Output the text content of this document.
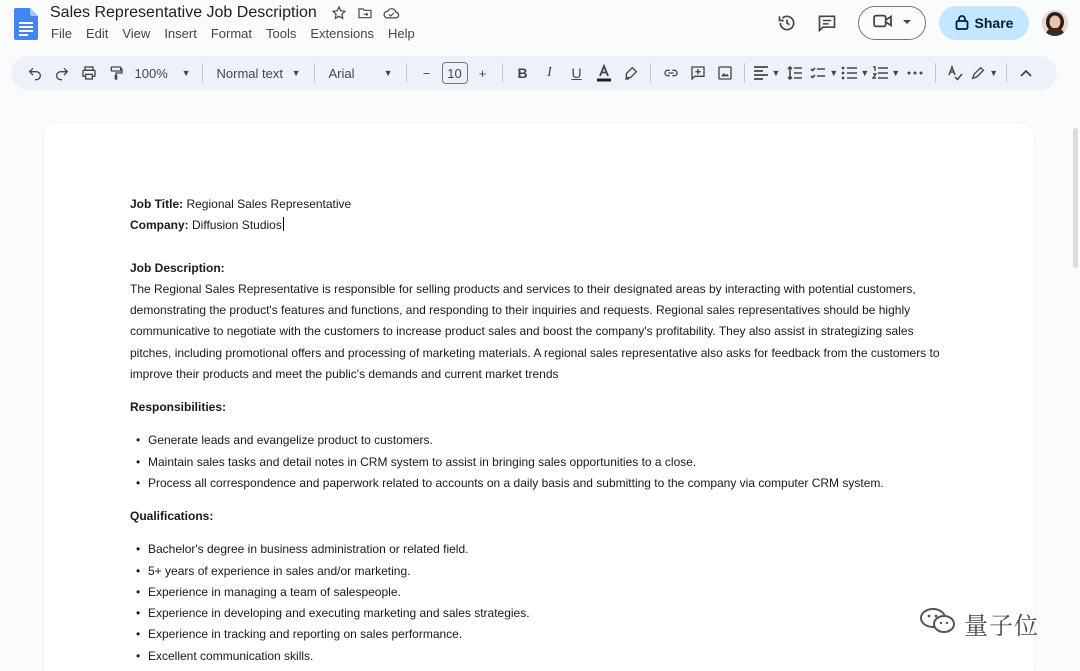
Sales Representative Job Description
File	Edit	View	Insert	Format	Tools	Extensions	Help
Share
100% ▼ Normal text ▼ Arial	▼	−	10	+	B	I	U	▼	▼ ▼ ▼	▼
Job Title: Regional Sales Representative
Company: Diffusion Studios
Job Description:
The Regional Sales Representative is responsible for selling products and services to their designated areas by interacting with potential customers,
demonstrating the product's features and functions, and responding to their inquiries and requests. Regional sales representatives should be highly
communicative to negotiate with the customers to increase product sales and boost the company's profitability. They also assist in strategizing sales
pitches, including promotional offers and processing of marketing materials. A regional sales representative also asks for feedback from the customers to
improve their products and meet the public's demands and current market trends
Responsibilities:
• Generate leads and evangelize product to customers.
• Maintain sales tasks and detail notes in CRM system to assist in bringing sales opportunities to a close.
• Process all correspondence and paperwork related to accounts on a daily basis and submitting to the company via computer CRM system.
Qualifications:
• Bachelor's degree in business administration or related field.
• 5+ years of experience in sales and/or marketing.
• Experience in managing a team of salespeople.
• Experience in developing and executing marketing and sales strategies.
• Experience in tracking and reporting on sales performance.
• Excellent communication skills.
量子位
